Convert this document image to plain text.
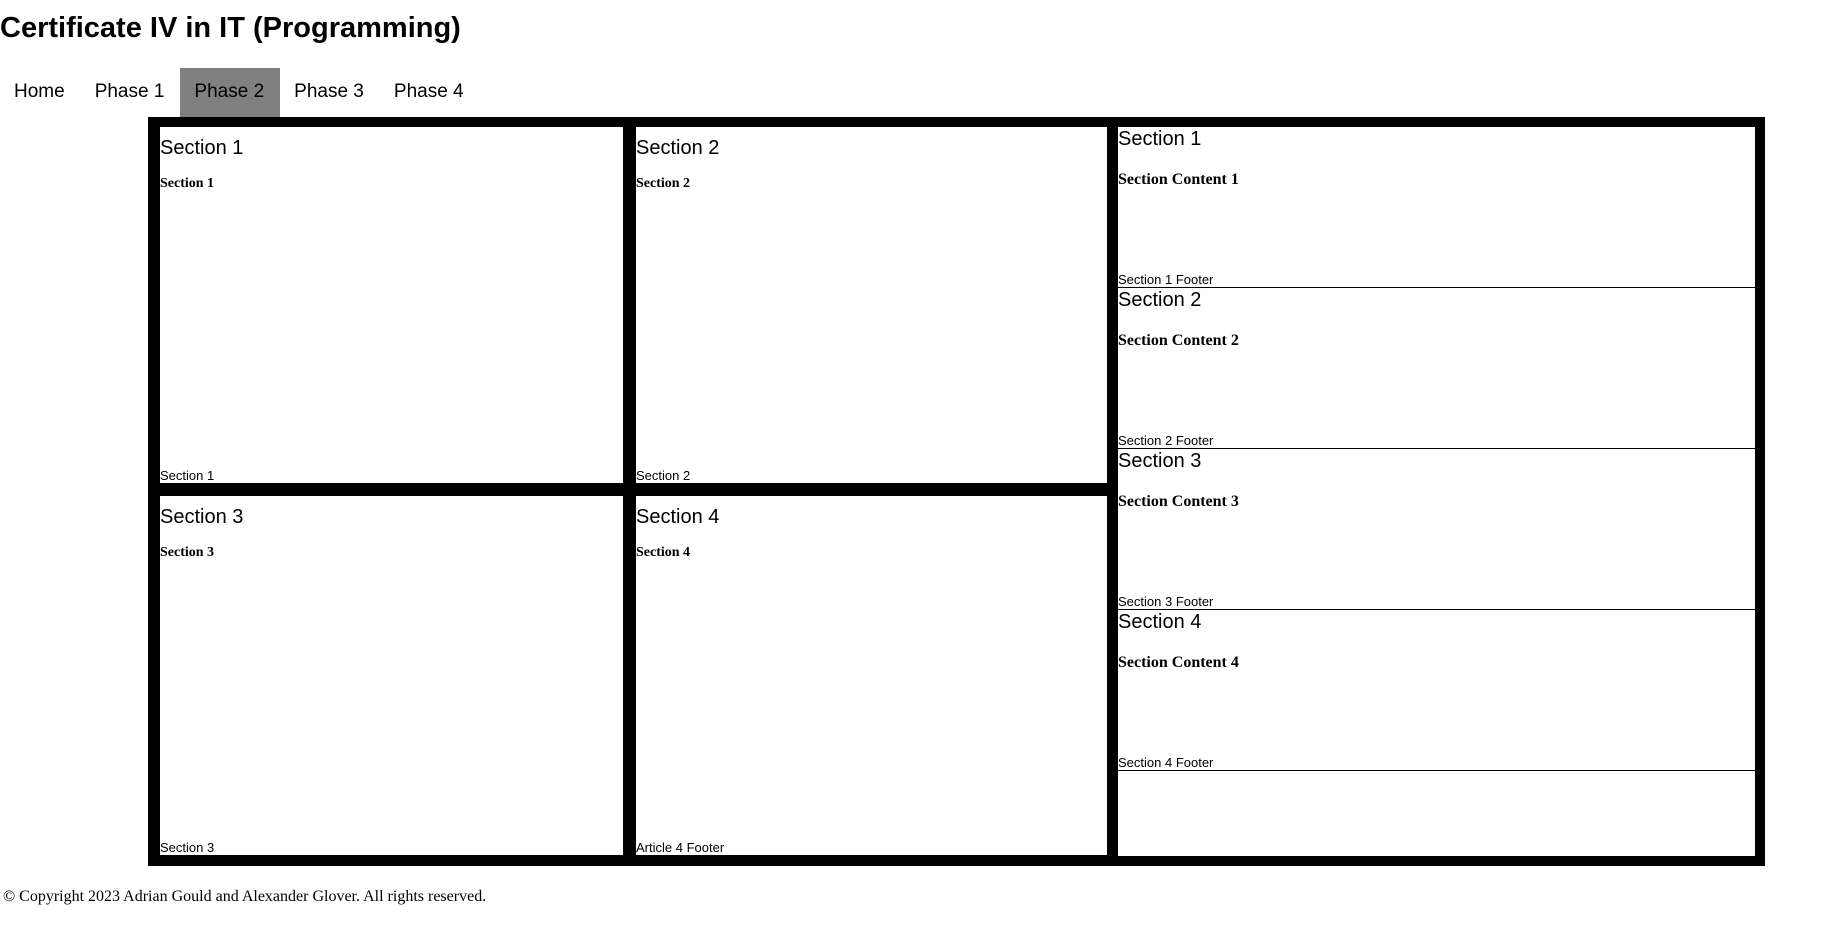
Certificate IV in IT (Programming)
Home	Phase 1	Phase 2	Phase 3	Phase 4
Section 1

Section 1

Section 1
Section 2

Section 2

Section 2
Section 3

Section 3

Section 3
Section 4

Section 4

Article 4 Footer
Section 1

Section Content 1

Section 1 Footer
Section 2

Section Content 2

Section 2 Footer
Section 3

Section Content 3

Section 3 Footer
Section 4

Section Content 4

Section 4 Footer
© Copyright 2023 Adrian Gould and Alexander Glover. All rights reserved.
